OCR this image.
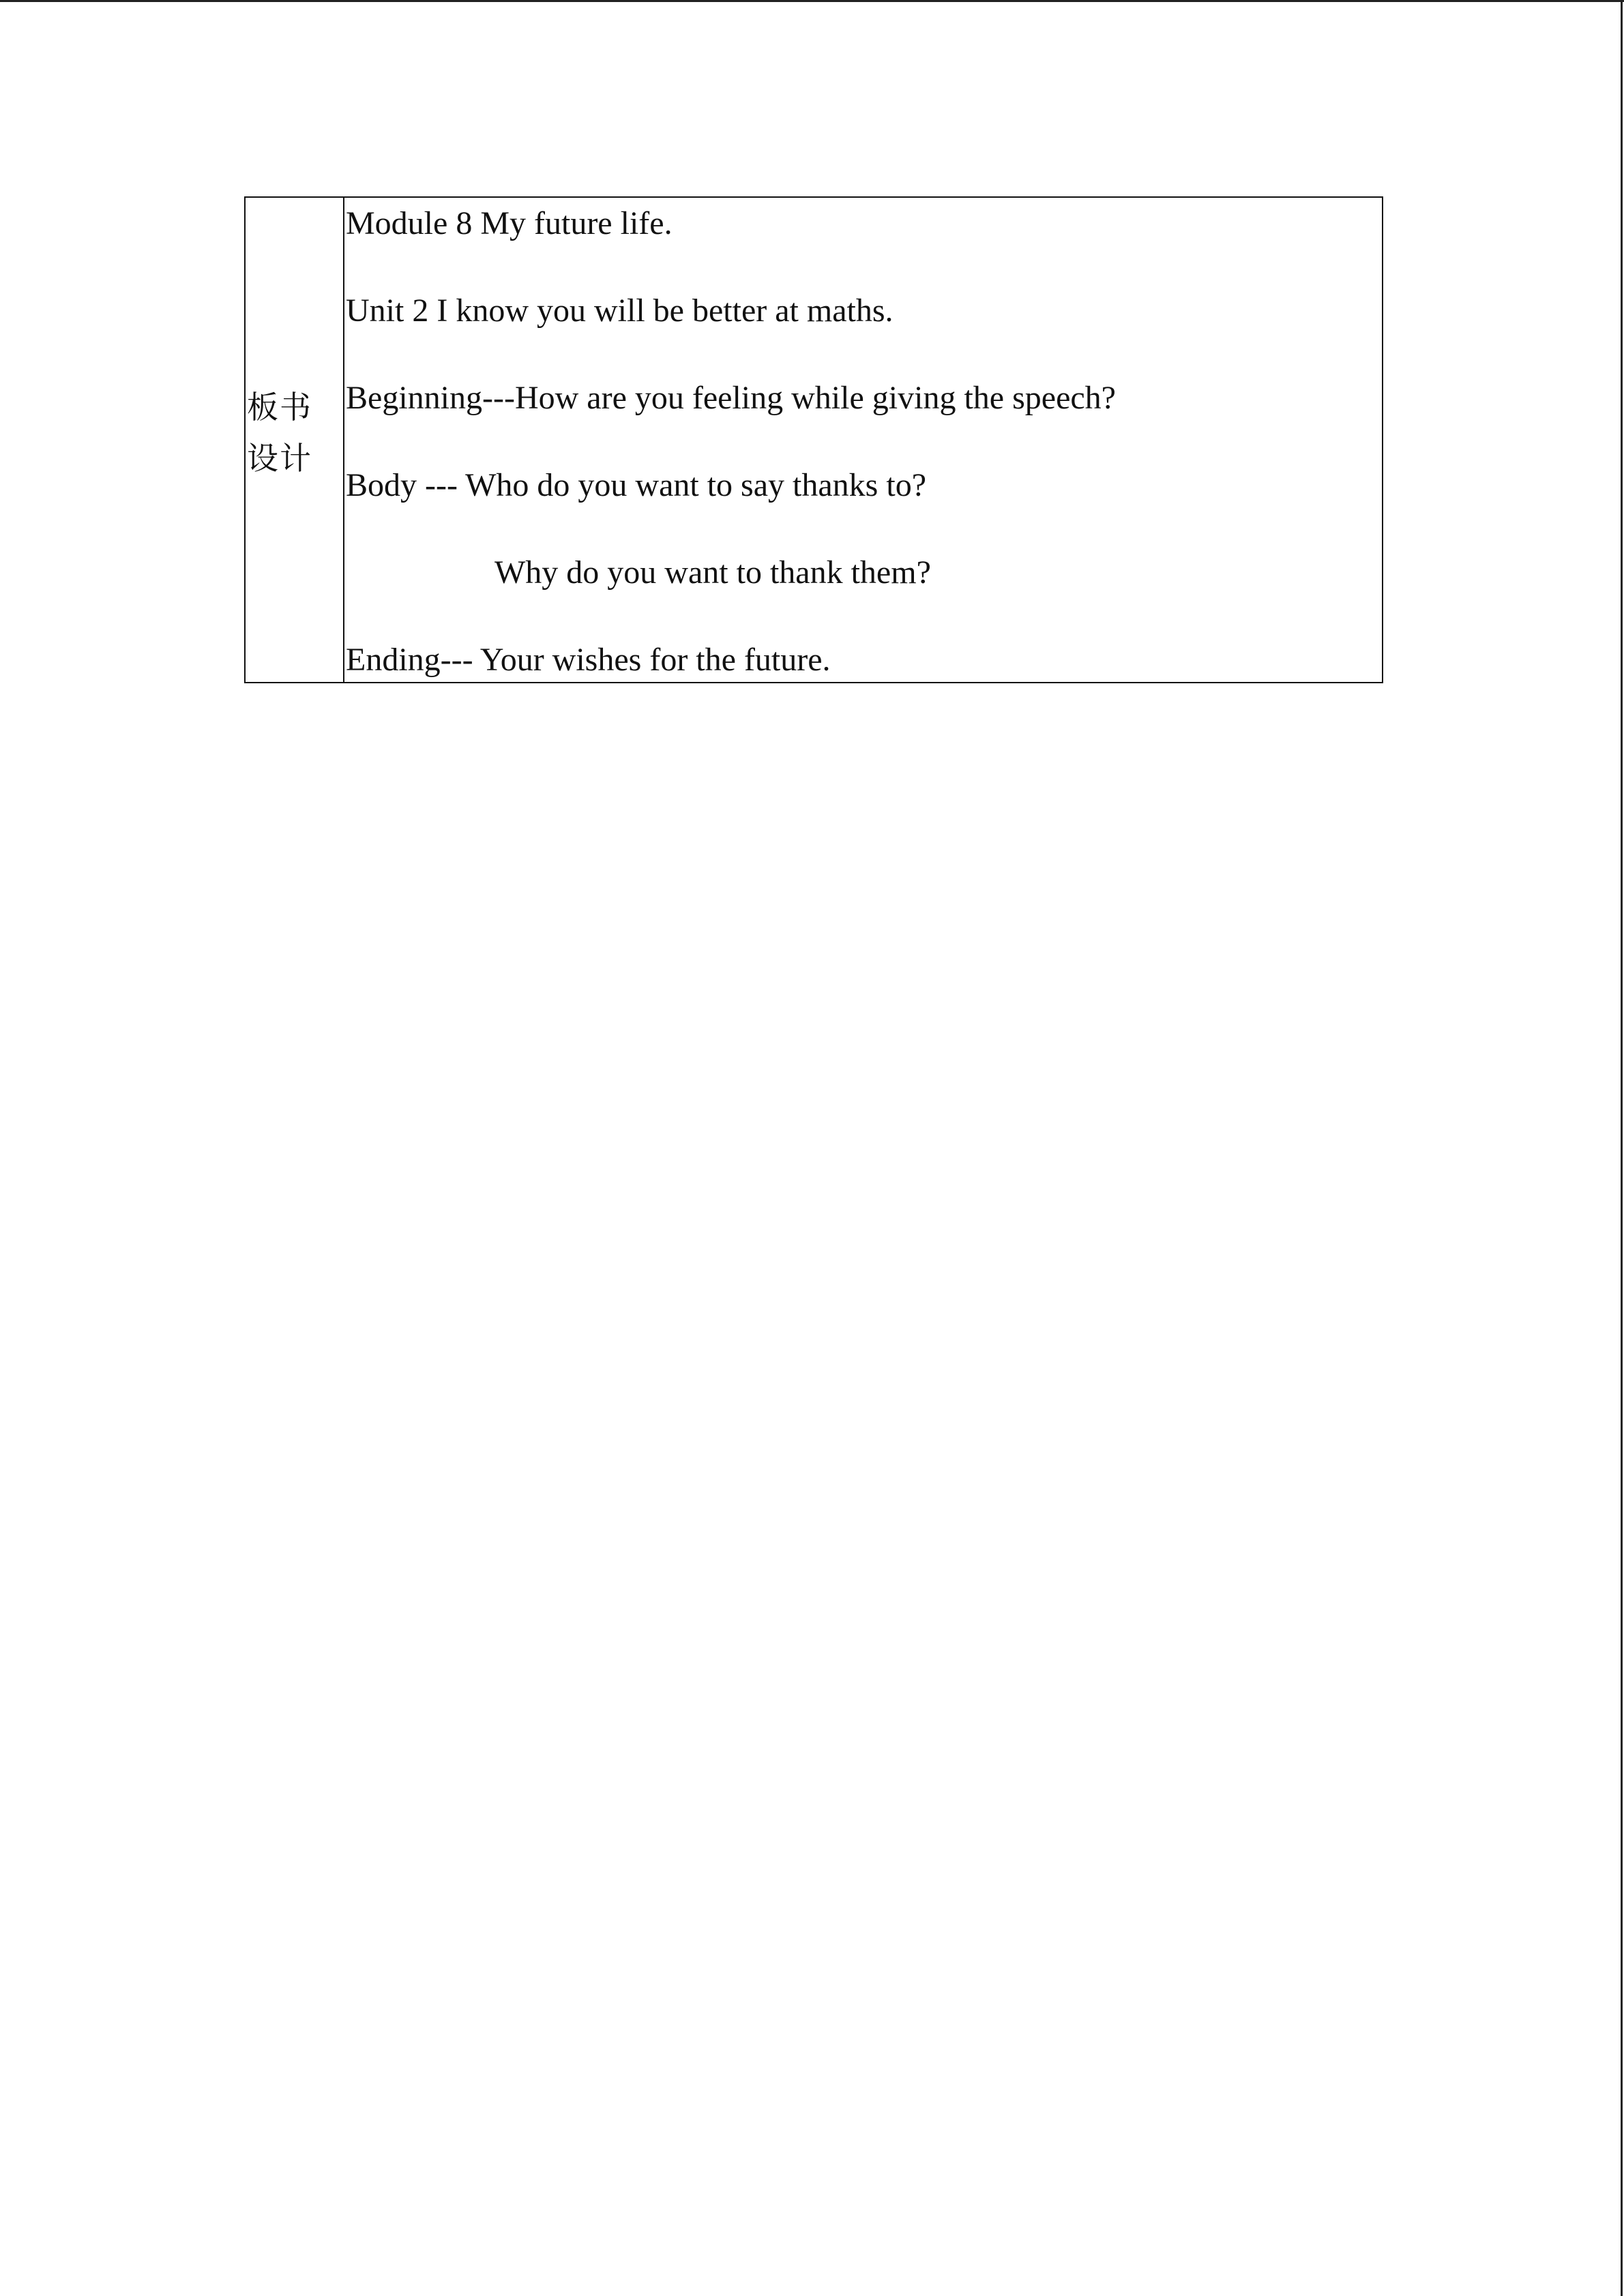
板书设计

Module 8 My future life.
Unit 2 I know you will be better at maths.
Beginning---How are you feeling while giving the speech?
Body --- Who do you want to say thanks to?
Why do you want to thank them?
Ending--- Your wishes for the future.
